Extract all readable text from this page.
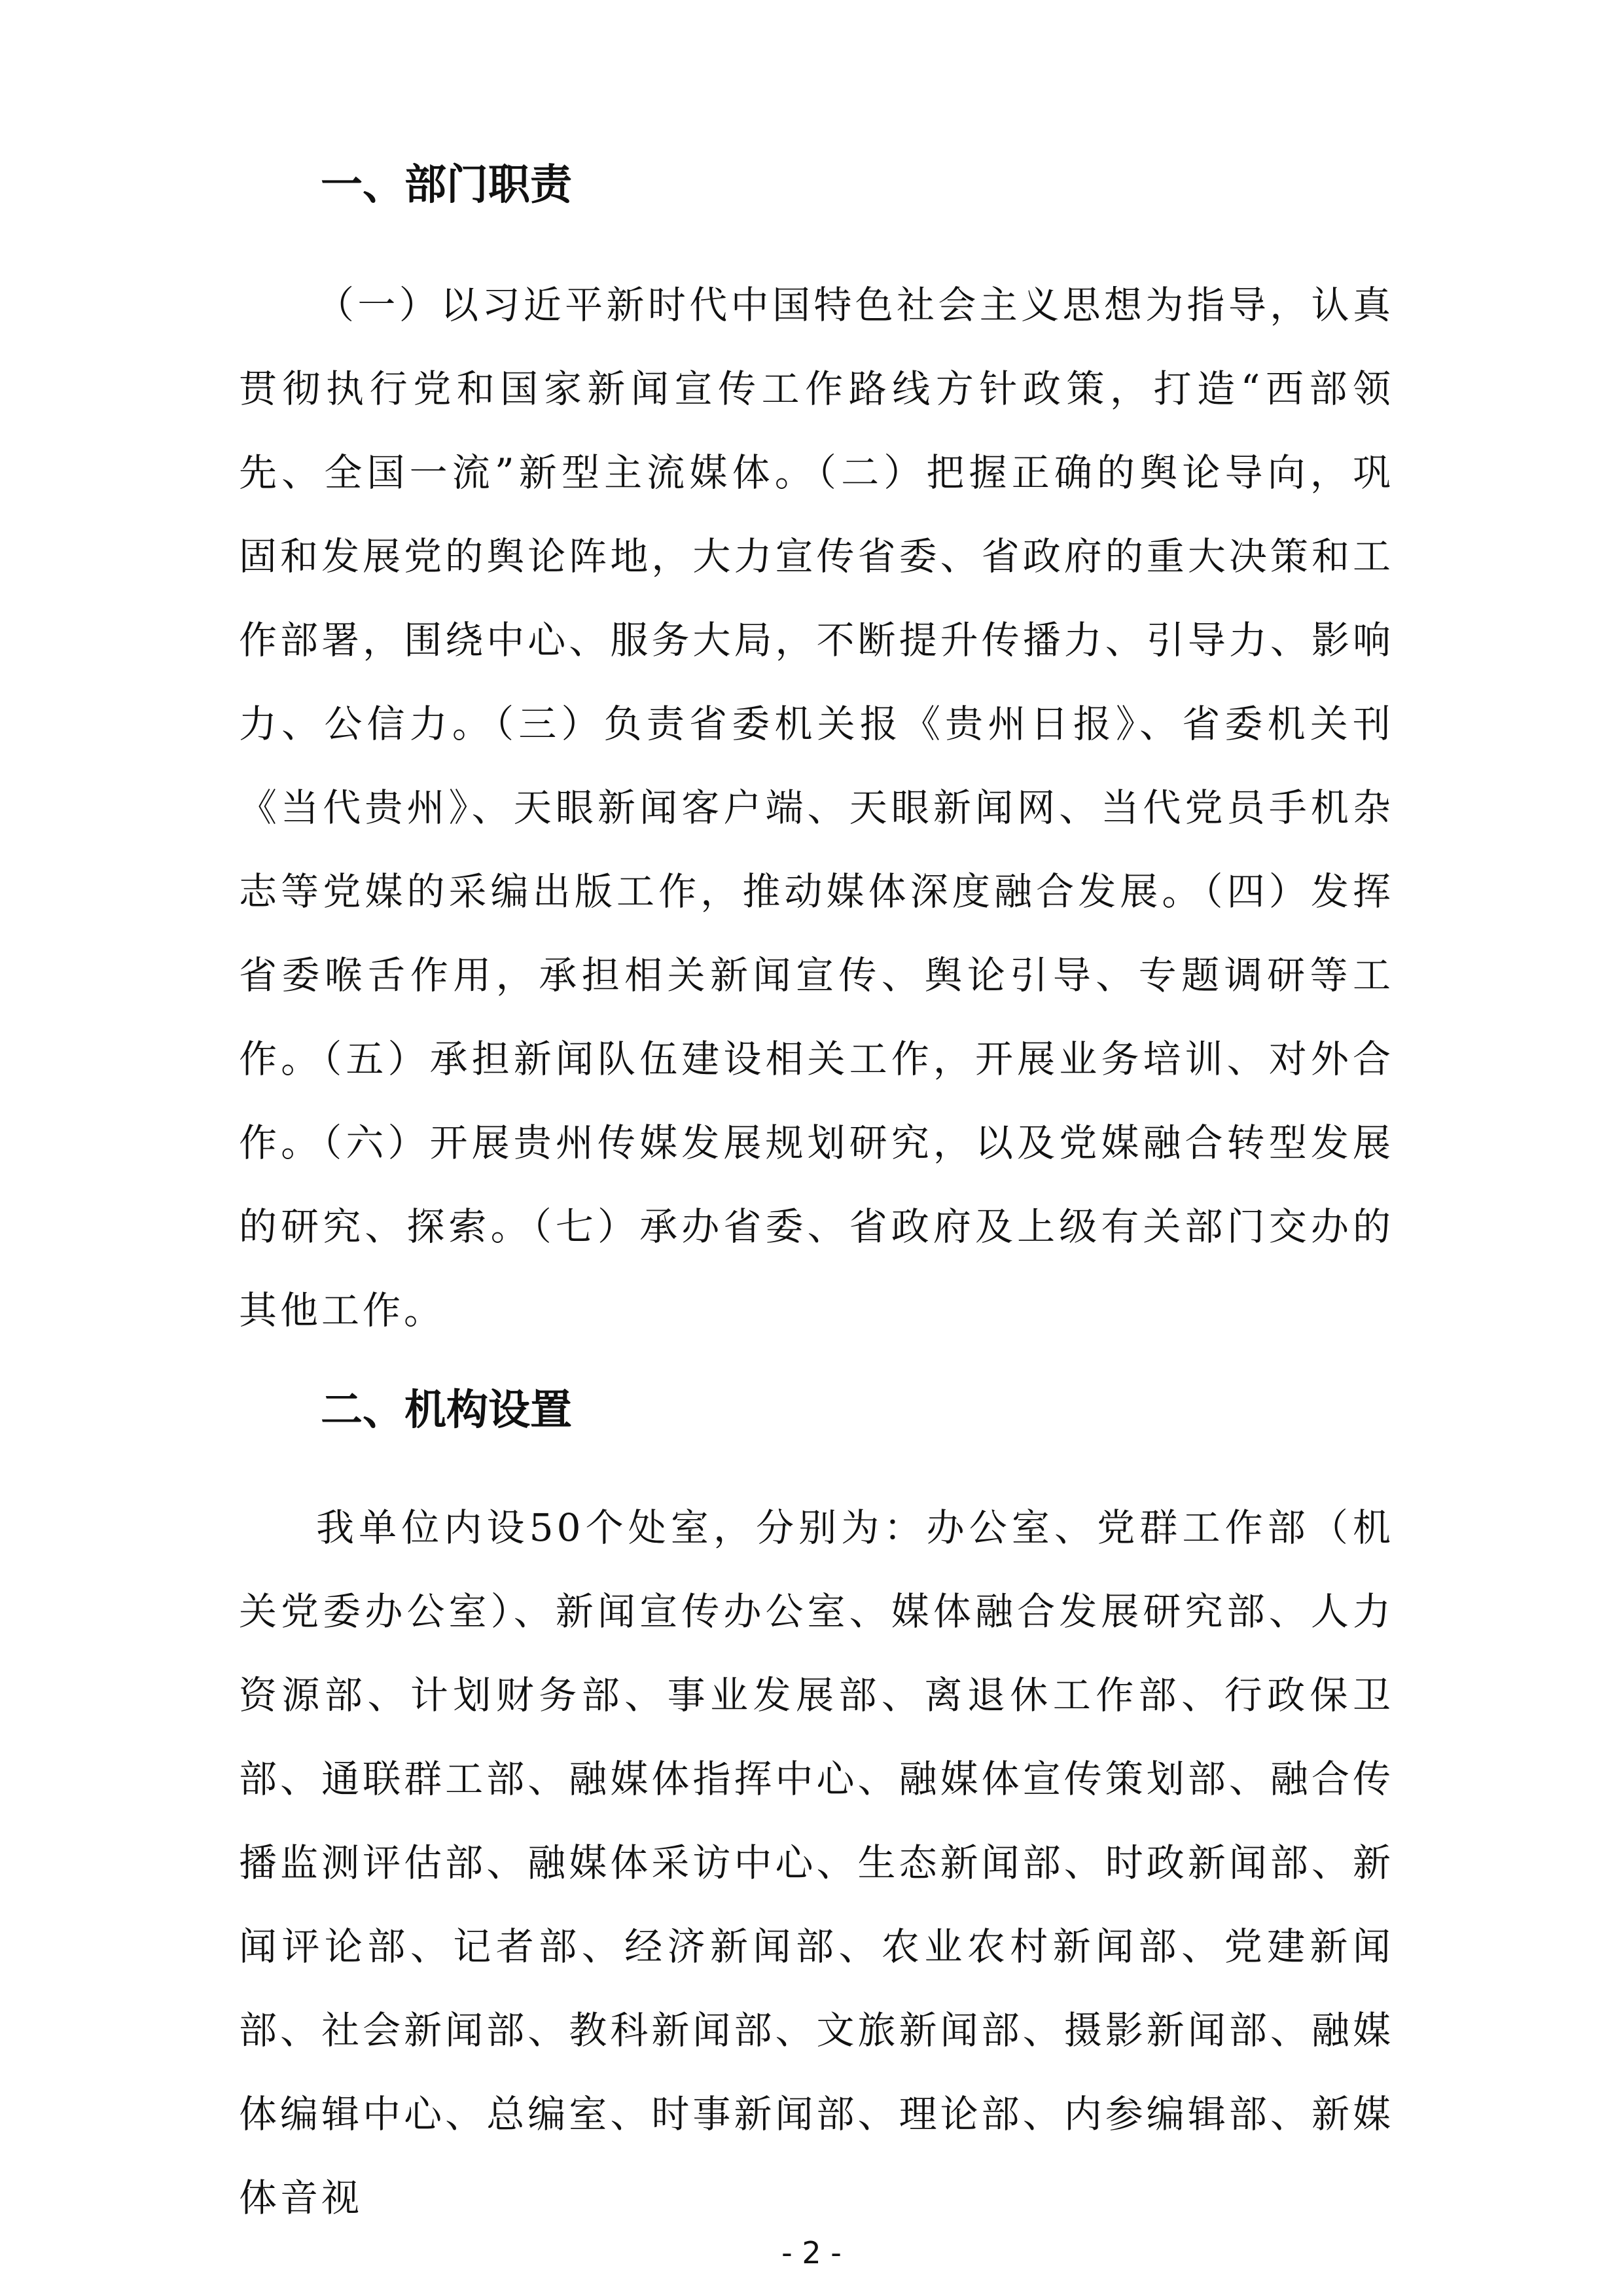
一、部门职责

（一）以习近平新时代中国特色社会主义思想为指导，认真贯彻执行党和国家新闻宣传工作路线方针政策，打造“西部领先、全国一流”新型主流媒体。（二）把握正确的舆论导向，巩固和发展党的舆论阵地，大力宣传省委、省政府的重大决策和工作部署，围绕中心、服务大局，不断提升传播力、引导力、影响力、公信力。（三）负责省委机关报《贵州日报》、省委机关刊《当代贵州》、天眼新闻客户端、天眼新闻网、当代党员手机杂志等党媒的采编出版工作，推动媒体深度融合发展。（四）发挥省委喉舌作用，承担相关新闻宣传、舆论引导、专题调研等工作。（五）承担新闻队伍建设相关工作，开展业务培训、对外合作。（六）开展贵州传媒发展规划研究，以及党媒融合转型发展的研究、探索。（七）承办省委、省政府及上级有关部门交办的其他工作。

二、机构设置

我单位内设50个处室，分别为：办公室、党群工作部（机关党委办公室）、新闻宣传办公室、媒体融合发展研究部、人力资源部、计划财务部、事业发展部、离退休工作部、行政保卫部、通联群工部、融媒体指挥中心、融媒体宣传策划部、融合传播监测评估部、融媒体采访中心、生态新闻部、时政新闻部、新闻评论部、记者部、经济新闻部、农业农村新闻部、党建新闻部、社会新闻部、教科新闻部、文旅新闻部、摄影新闻部、融媒体编辑中心、总编室、时事新闻部、理论部、内参编辑部、新媒体音视

- 2 -
